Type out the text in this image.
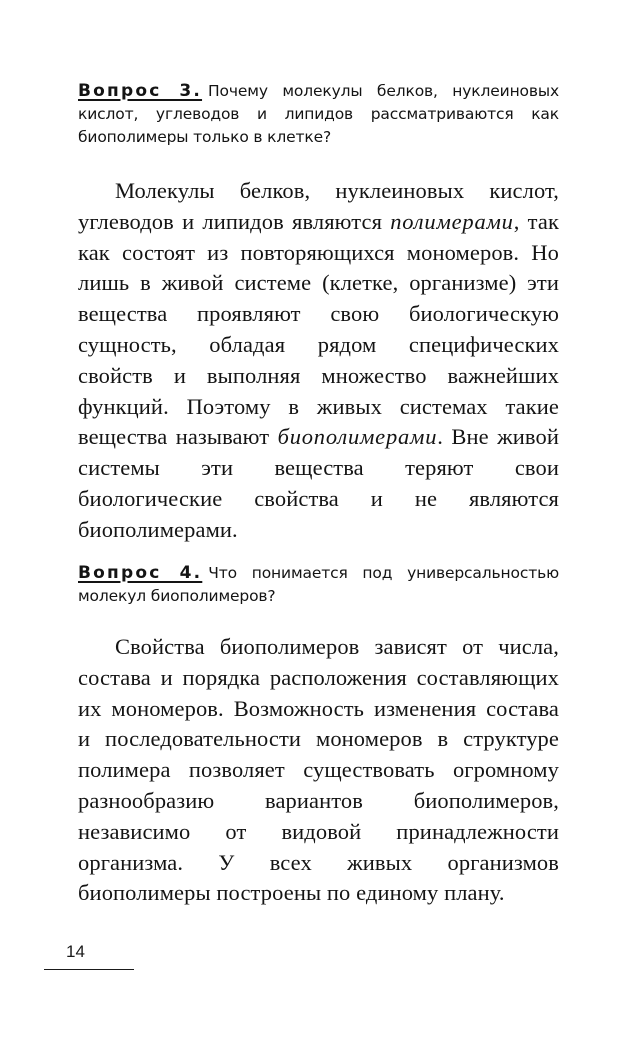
Вопрос 3. Почему молекулы белков, нуклеиновых кислот, углеводов и липидов рассматриваются как биополимеры только в клетке?
Молекулы белков, нуклеиновых кислот, углеводов и липидов являются полимерами, так как состоят из повторяющихся мономеров. Но лишь в живой системе (клетке, организме) эти вещества проявляют свою биологическую сущность, обладая рядом специфических свойств и выполняя множество важнейших функций. Поэтому в живых системах такие вещества называют биополимерами. Вне живой системы эти вещества теряют свои биологические свойства и не являются биополимерами.
Вопрос 4. Что понимается под универсальностью молекул биополимеров?
Свойства биополимеров зависят от числа, состава и порядка расположения составляющих их мономеров. Возможность изменения состава и последовательности мономеров в структуре полимера позволяет существовать огромному разнообразию вариантов биополимеров, независимо от видовой принадлежности организма. У всех живых организмов биополимеры построены по единому плану.
14
